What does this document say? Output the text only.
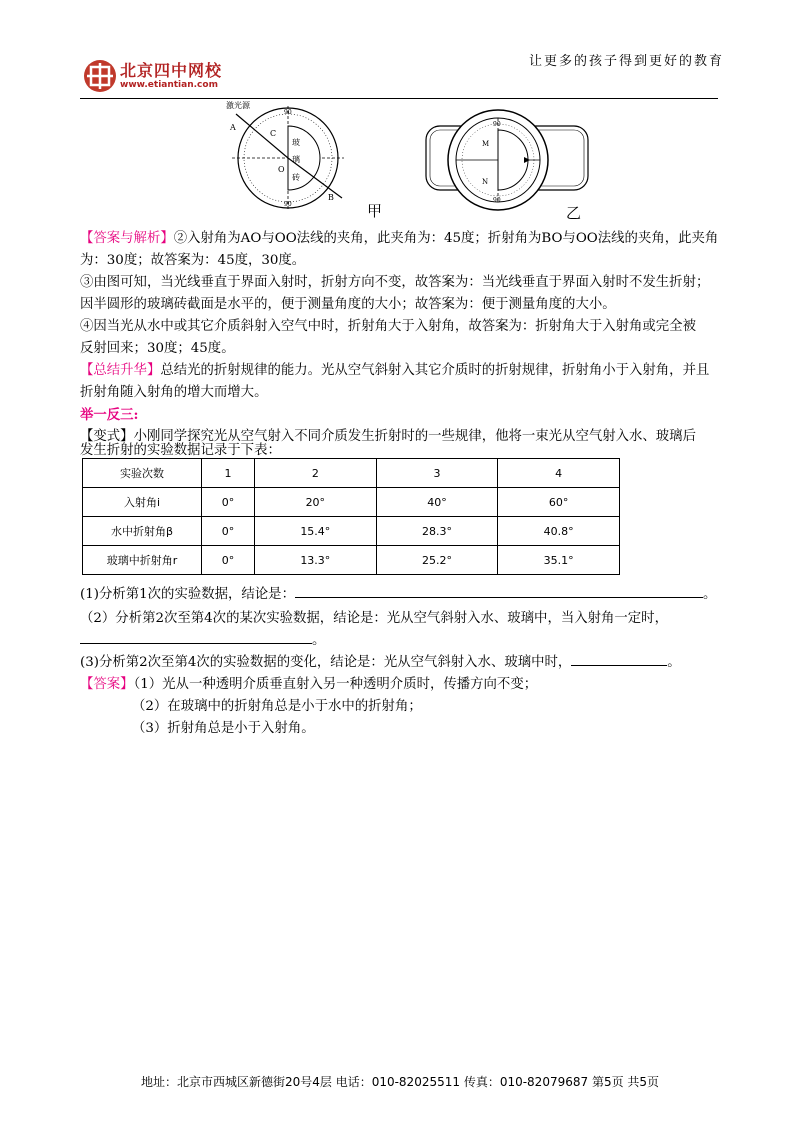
让更多的孩子得到更好的教育
北京四中网校
www.etiantian.com
A
C
O
B
激光源
玻
璃
砖
90
90	甲
M
N
90
90
乙
【答案与解析】②入射角为AO与OO法线的夹角，此夹角为：45度；折射角为BO与OO法线的夹角，此夹角
为：30度；故答案为：45度，30度。
③由图可知，当光线垂直于界面入射时，折射方向不变，故答案为：当光线垂直于界面入射时不发生折射；
因半圆形的玻璃砖截面是水平的，便于测量角度的大小；故答案为：便于测量角度的大小。
④因当光从水中或其它介质斜射入空气中时，折射角大于入射角，故答案为：折射角大于入射角或完全被
反射回来；30度；45度。
【总结升华】总结光的折射规律的能力。光从空气斜射入其它介质时的折射规律，折射角小于入射角，并且
折射角随入射角的增大而增大。
举一反三:
【变式】小刚同学探究光从空气射入不同介质发生折射时的一些规律，他将一束光从空气射入水、玻璃后
实验次数	1	2	3	4
入射角i	0°	20°	40°	60°
水中折射角β	0°	15.4°	28.3°	40.8°
玻璃中折射角r	0°	13.3°	25.2°	35.1°
(1)分析第1次的实验数据，结论是：	。
（2）分析第2次至第4次的某次实验数据，结论是：光从空气斜射入水、玻璃中，当入射角一定时，
。
(3)分析第2次至第4次的实验数据的变化，结论是：光从空气斜射入水、玻璃中时，	。
【答案】（1）光从一种透明介质垂直射入另一种透明介质时，传播方向不变；
（2）在玻璃中的折射角总是小于水中的折射角；
（3）折射角总是小于入射角。
地址：北京市西城区新德街20号4层 电话：010-82025511 传真：010-82079687 第5页 共5页
发生折射的实验数据记录于下表：
